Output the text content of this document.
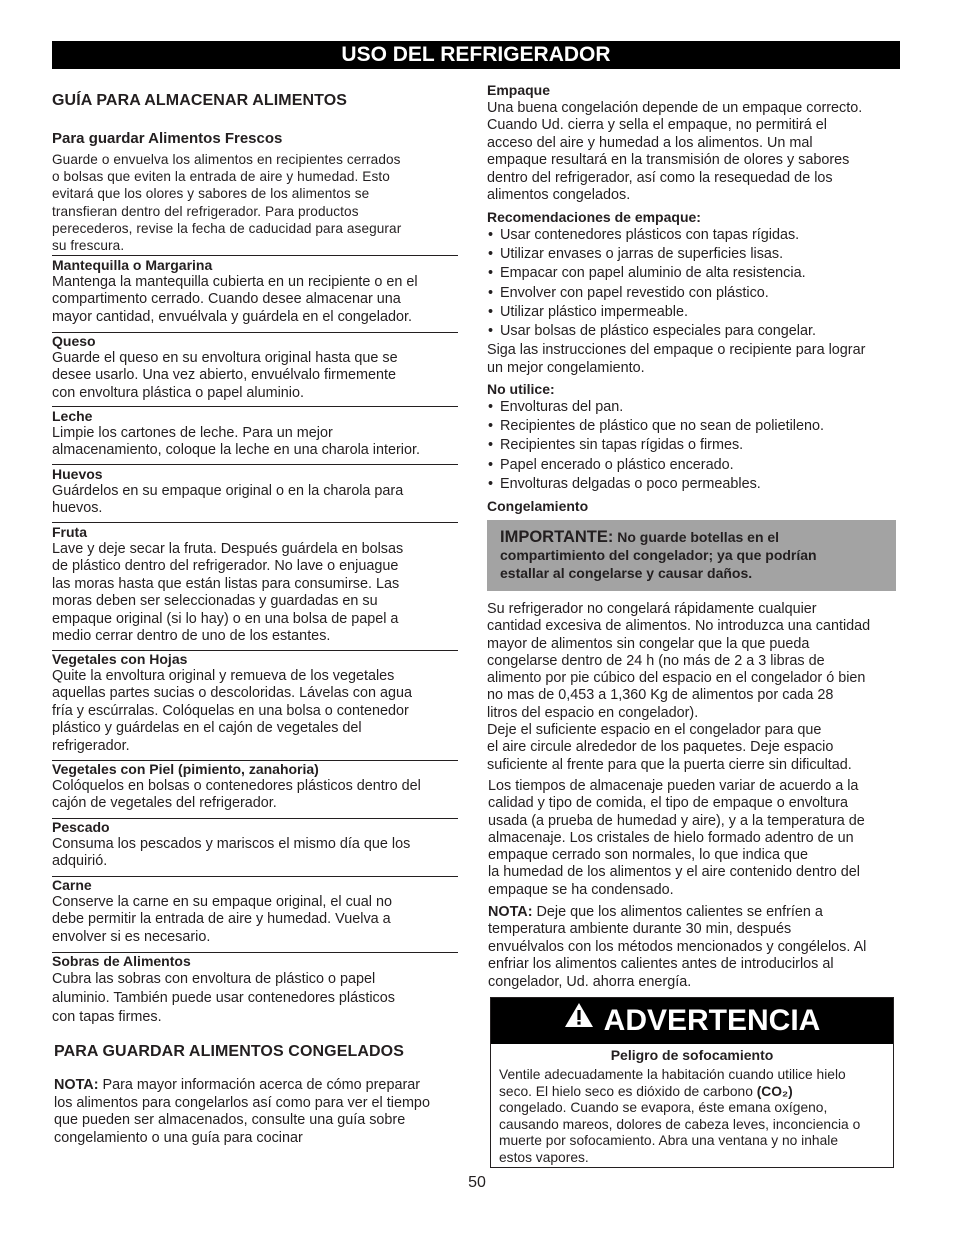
USO DEL REFRIGERADOR
GUÍA PARA ALMACENAR ALIMENTOS
Para guardar Alimentos Frescos
Guarde o envuelva los alimentos en recipientes cerrados
o bolsas que eviten la entrada de aire y humedad. Esto
evitará que los olores y sabores de los alimentos se
transfieran dentro del refrigerador. Para productos
perecederos, revise la fecha de caducidad para asegurar
su frescura.
Mantequilla o Margarina
Mantenga la mantequilla cubierta en un recipiente o en el
compartimento cerrado. Cuando desee almacenar una
mayor cantidad, envuélvala y guárdela en el congelador.
Queso
Guarde el queso en su envoltura original hasta que se
desee usarlo. Una vez abierto, envuélvalo firmemente
con envoltura plástica o papel aluminio.
Leche
Limpie los cartones de leche. Para un mejor
almacenamiento, coloque la leche en una charola interior.
Huevos
Guárdelos en su empaque original o en la charola para
huevos.
Fruta
Lave y deje secar la fruta. Después guárdela en bolsas
de plástico dentro del refrigerador. No lave o enjuague
las moras hasta que están listas para consumirse. Las
moras deben ser seleccionadas y guardadas en su
empaque original (si lo hay) o en una bolsa de papel a
medio cerrar dentro de uno de los estantes.
Vegetales con Hojas
Quite la envoltura original y remueva de los vegetales
aquellas partes sucias o descoloridas. Lávelas con agua
fría y escúrralas. Colóquelas en una bolsa o contenedor
plástico y guárdelas en el cajón de vegetales del
refrigerador.
Vegetales con Piel (pimiento, zanahoria)
Colóquelos en bolsas o contenedores plásticos dentro del
cajón de vegetales del refrigerador.
Pescado
Consuma los pescados y mariscos el mismo día que los
adquirió.
Carne
Conserve la carne en su empaque original, el cual no
debe permitir la entrada de aire y humedad. Vuelva a
envolver si es necesario.
Sobras de Alimentos
Cubra las sobras con envoltura de plástico o papel
aluminio. También puede usar contenedores plásticos
con tapas firmes.
PARA GUARDAR ALIMENTOS CONGELADOS
NOTA: Para mayor información acerca de cómo preparar
los alimentos para congelarlos así como para ver el tiempo
que pueden ser almacenados, consulte una guía sobre
congelamiento o una guía para cocinar
Empaque
Una buena congelación depende de un empaque correcto.
Cuando Ud. cierra y sella el empaque, no permitirá el
acceso del aire y humedad a los alimentos. Un mal
empaque resultará en la transmisión de olores y sabores
dentro del refrigerador, así como la resequedad de los
alimentos congelados.
Recomendaciones de empaque:
• Usar contenedores plásticos con tapas rígidas.
• Utilizar envases o jarras de superficies lisas.
• Empacar con papel aluminio de alta resistencia.
• Envolver con papel revestido con plástico.
• Utilizar plástico impermeable.
• Usar bolsas de plástico especiales para congelar.
Siga las instrucciones del empaque o recipiente para lograr
un mejor congelamiento.
No utilice:
• Envolturas del pan.
• Recipientes de plástico que no sean de polietileno.
• Recipientes sin tapas rígidas o firmes.
• Papel encerado o plástico encerado.
• Envolturas delgadas o poco permeables.
Congelamiento
IMPORTANTE: No guarde botellas en el
compartimiento del congelador; ya que podrían
estallar al congelarse y causar daños.
Su refrigerador no congelará rápidamente cualquier
cantidad excesiva de alimentos. No introduzca una cantidad
mayor de alimentos sin congelar que la que pueda
congelarse dentro de 24 h (no más de 2 a 3 libras de
alimento por pie cúbico del espacio en el congelador ó bien
no mas de 0,453 a 1,360 Kg de alimentos por cada 28
litros del espacio en congelador).
Deje el suficiente espacio en el congelador para que
el aire circule alrededor de los paquetes. Deje espacio
suficiente al frente para que la puerta cierre sin dificultad.
Los tiempos de almacenaje pueden variar de acuerdo a la
calidad y tipo de comida, el tipo de empaque o envoltura
usada (a prueba de humedad y aire), y a la temperatura de
almacenaje. Los cristales de hielo formado adentro de un
empaque cerrado son normales, lo que indica que
la humedad de los alimentos y el aire contenido dentro del
empaque se ha condensado.
NOTA: Deje que los alimentos calientes se enfríen a
temperatura ambiente durante 30 min, después
envuélvalos con los métodos mencionados y congélelos. Al
enfriar los alimentos calientes antes de introducirlos al
congelador, Ud. ahorra energía.
ADVERTENCIA
Peligro de sofocamiento
Ventile adecuadamente la habitación cuando utilice hielo
seco. El hielo seco es dióxido de carbono (CO₂)
congelado. Cuando se evapora, éste emana oxígeno,
causando mareos, dolores de cabeza leves, inconciencia o
muerte por sofocamiento. Abra una ventana y no inhale
estos vapores.
50
